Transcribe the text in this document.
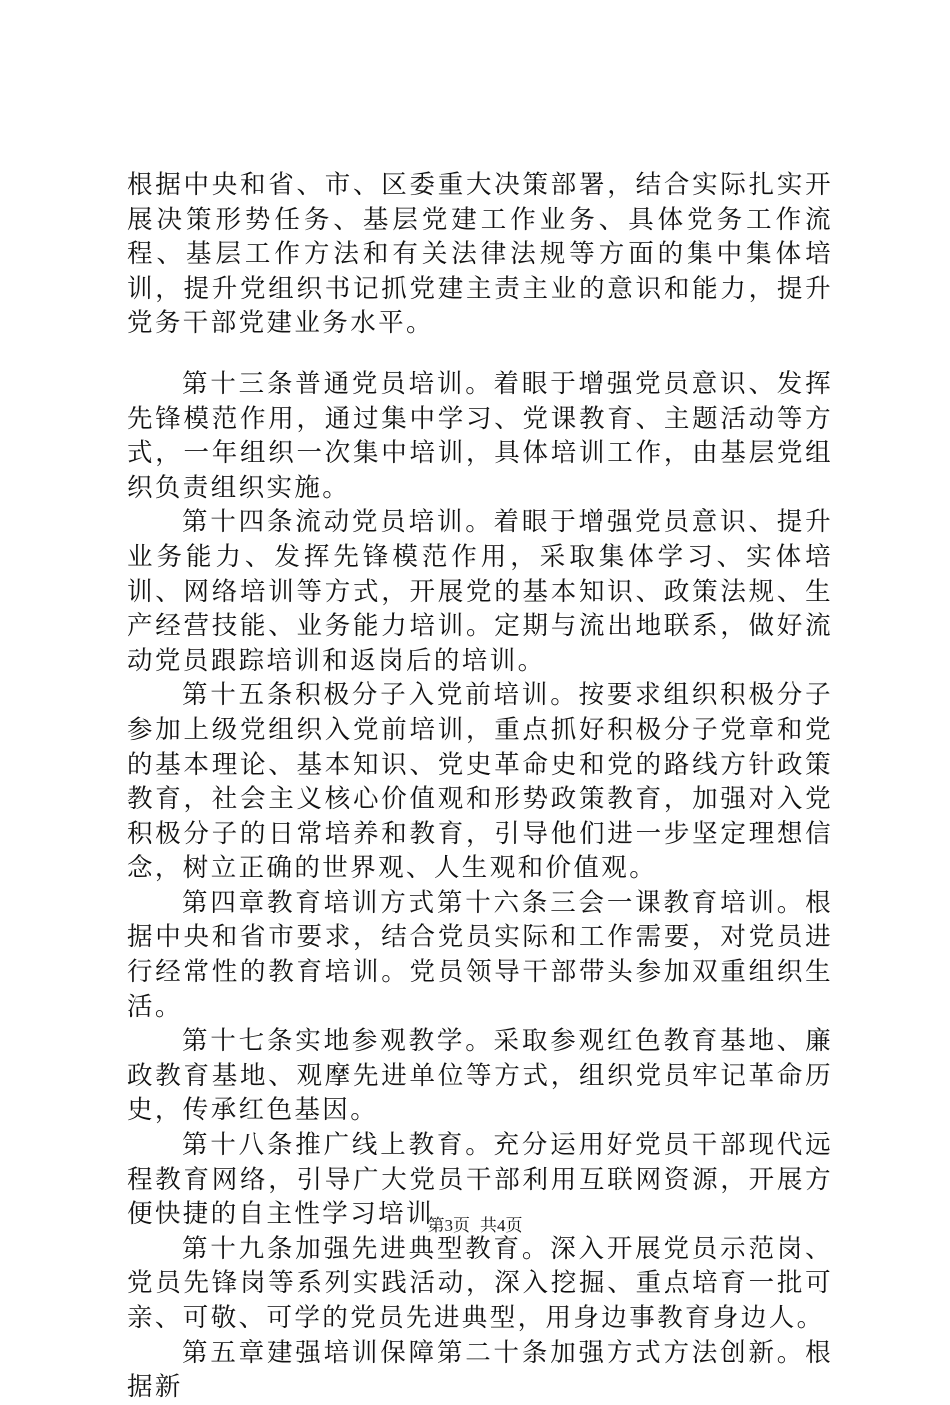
根据中央和省、市、区委重大决策部署，结合实际扎实开展决策形势任务、基层党建工作业务、具体党务工作流程、基层工作方法和有关法律法规等方面的集中集体培训，提升党组织书记抓党建主责主业的意识和能力，提升党务干部党建业务水平。

第十三条普通党员培训。着眼于增强党员意识、发挥先锋模范作用，通过集中学习、党课教育、主题活动等方式，一年组织一次集中培训，具体培训工作，由基层党组织负责组织实施。

第十四条流动党员培训。着眼于增强党员意识、提升业务能力、发挥先锋模范作用，采取集体学习、实体培训、网络培训等方式，开展党的基本知识、政策法规、生产经营技能、业务能力培训。定期与流出地联系，做好流动党员跟踪培训和返岗后的培训。

第十五条积极分子入党前培训。按要求组织积极分子参加上级党组织入党前培训，重点抓好积极分子党章和党的基本理论、基本知识、党史革命史和党的路线方针政策教育，社会主义核心价值观和形势政策教育，加强对入党积极分子的日常培养和教育，引导他们进一步坚定理想信念，树立正确的世界观、人生观和价值观。

第四章教育培训方式第十六条三会一课教育培训。根据中央和省市要求，结合党员实际和工作需要，对党员进行经常性的教育培训。党员领导干部带头参加双重组织生活。

第十七条实地参观教学。采取参观红色教育基地、廉政教育基地、观摩先进单位等方式，组织党员牢记革命历史，传承红色基因。

第十八条推广线上教育。充分运用好党员干部现代远程教育网络，引导广大党员干部利用互联网资源，开展方便快捷的自主性学习培训

第十九条加强先进典型教育。深入开展党员示范岗、党员先锋岗等系列实践活动，深入挖掘、重点培育一批可亲、可敬、可学的党员先进典型，用身边事教育身边人。

第五章建强培训保障第二十条加强方式方法创新。根据新

第3页 共4页
